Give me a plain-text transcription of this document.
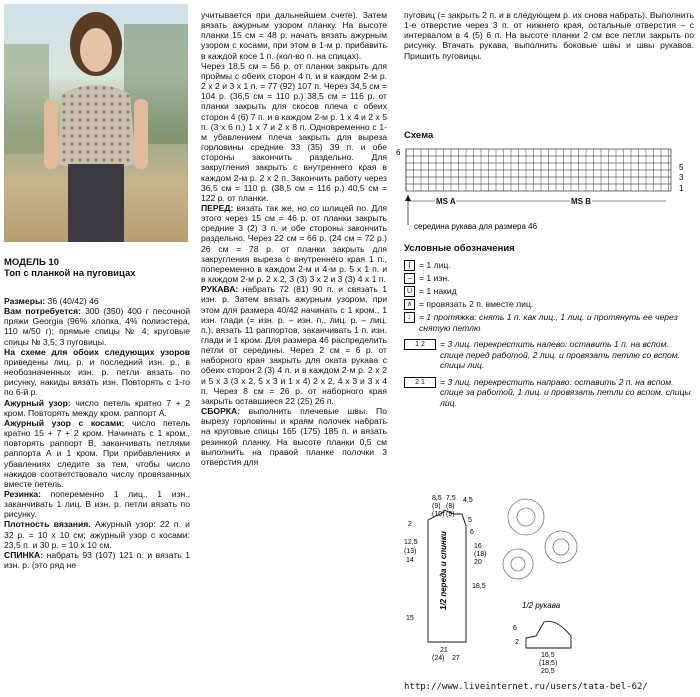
МОДЕЛЬ 10
Топ с планкой на пуговицах

Размеры: 36 (40/42) 46

Вам потребуется: 300 (350) 400 г песочной пряжи Georgia (96% хлопка, 4% полиэстера, 110 м/50 г); прямые спицы № 4; круговые спицы № 3,5; 3 пуговицы.

На схеме для обоих следующих узоров приведены лиц. р. и последний изн. р., в необозначенных изн. р. петли вязать по рисунку, накиды вязать изн. Повторять с 1-го по 6-й р.

Ажурный узор: число петель кратно 7 + 2 кром. Повторять между кром. раппорт А.

Ажурный узор с косами: число петель кратно 15 + 7 + 2 кром. Начинать с 1 кром., повторять раппорт В, заканчивать петлями раппорта А и 1 кром. При прибавлениях и убавлениях следите за тем, чтобы число накидов соответствовало числу провязанных вместе петель.

Резинка: попеременно 1 лиц., 1 изн., заканчивать 1 лиц. В изн. р. петли вязать по рисунку.

Плотность вязания. Ажурный узор: 22 п. и 32 р. = 10 х 10 см; ажурный узор с косами: 23,5 п. и 30 р. = 10 х 10 см.

СПИНКА: набрать 93 (107) 121 п. и вязать 1 изн. р. (это ряд не

учитывается при дальнейшем счете). Затем вязать ажурным узором планку. На высоте планки 15 см = 48 р. начать вязать ажурным узором с косами, при этом в 1-м р. прибавить в каждой косе 1 п. (кол-во п. на спицах).

Через 18,5 см = 56 р. от планки закрыть для проймы с обеих сторон 4 п. и в каждом 2-м р. 2 х 2 и 3 х 1 п. = 77 (92) 107 п. Через 34,5 см = 104 р. (36,5 см = 110 р.) 38,5 см = 116 р. от планки закрыть для скосов плеча с обеих сторон 4 (6) 7 п. и в каждом 2-м р. 1 х 4 и 2 х 5 п. (3 х 6 п.) 1 х 7 и 2 х 8 п. Одновременно с 1-м убавлением плеча закрыть для выреза горловины средние 33 (35) 39 п. и обе стороны закончить раздельно. Для закругления закрыть с внутреннего края в каждом 2-м р. 2 х 2 п. Закончить работу через 36,5 см = 110 р. (38,5 см = 116 р.) 40,5 см = 122 р. от планки.

ПЕРЕД: вязать так же, но со шлицей по. Для этого через 15 см = 46 р. от планки закрыть средние 3 (2) 3 п. и обе стороны закончить раздельно. Через 22 см = 66 р. (24 см = 72 р.) 26 см = 78 р. от планки закрыть для закругления выреза с внутреннего края 1 п., попеременно в каждом 2-м и 4-м р. 5 х 1 п. и в каждом 2-м р. 2 х 2, 3 (3) 3 х 2 и 3 (3) 4 х 1 п.

РУКАВА: набрать 72 (81) 90 п. и связать 1 изн. р. Затем вязать ажурным узором, при этом для размера 40/42 начинать с 1 кром., 1 изн. глади (= изн. р. – изн. п., лиц. р. – лиц. п.), вязать 11 раппортов, заканчивать 1 п. изн. глади и 1 кром. Для размера 46 распределить петли от середины. Через 2 см = 6 р. от наборного края закрыть для оката рукава с обеих сторон 2 (3) 4 п. и в каждом 2-м р. 2 х 2 и 5 х 3 (3 х 2, 5 х 3 и 1 х 4) 2 х 2, 4 х 3 и 3 х 4 п. Через 8 см = 26 р. от наборного края закрыть оставшиеся 22 (25) 26 п.

СБОРКА: выполнить плечевые швы. По вырезу горловины и краям полочек набрать на круговые спицы 165 (175) 185 п. и вязать резинкой планку. На высоте планки 0,5 см выполнить на правой планке полочки 3 отверстия для

пуговиц (= закрыть 2 п. и в следующем р. их снова набрать). Выполнить 1-е отверстие через 3 п. от нижнего края, остальные отверстия – с интервалом в 4 (5) 6 п. На высоте планки 2 см все петли закрыть по рисунку. Втачать рукава, выполнить боковые швы и швы рукавов. Пришить пуговицы.

Схема
6
5
3
1
MS A	MS B
середина рукава для размера 46
Условные обозначения
| = 1 лиц.
– = 1 изн.
U = 1 накид
∧ = провязать 2 п. вместе лиц.
↓ = 1 протяжка: снять 1 п. как лиц., 1 лиц. и протянуть ее через снятую петлю
1 2	= 3 лиц. перекрестить налево: оставить 1 п. на вспом. спице перед работой, 2 лиц. и провязать петлю со вспом. спицы лиц.
2 1	= 3 лиц. перекрестить направо: оставить 2 п. на вспом. спице за работой, 1 лиц. и провязать петли со вспом. спицы лиц.
1/2 переда и спинки
8,5 7,5 4,5
(9) (8)
(10) (9)
5
2
12,5
(13)
14
15
6
16
(18)
20
18,5
21
(24) 27
1/2 рукава
6
2
16,5
(18,5)
20,5
http://www.liveinternet.ru/users/tata-bel-62/
